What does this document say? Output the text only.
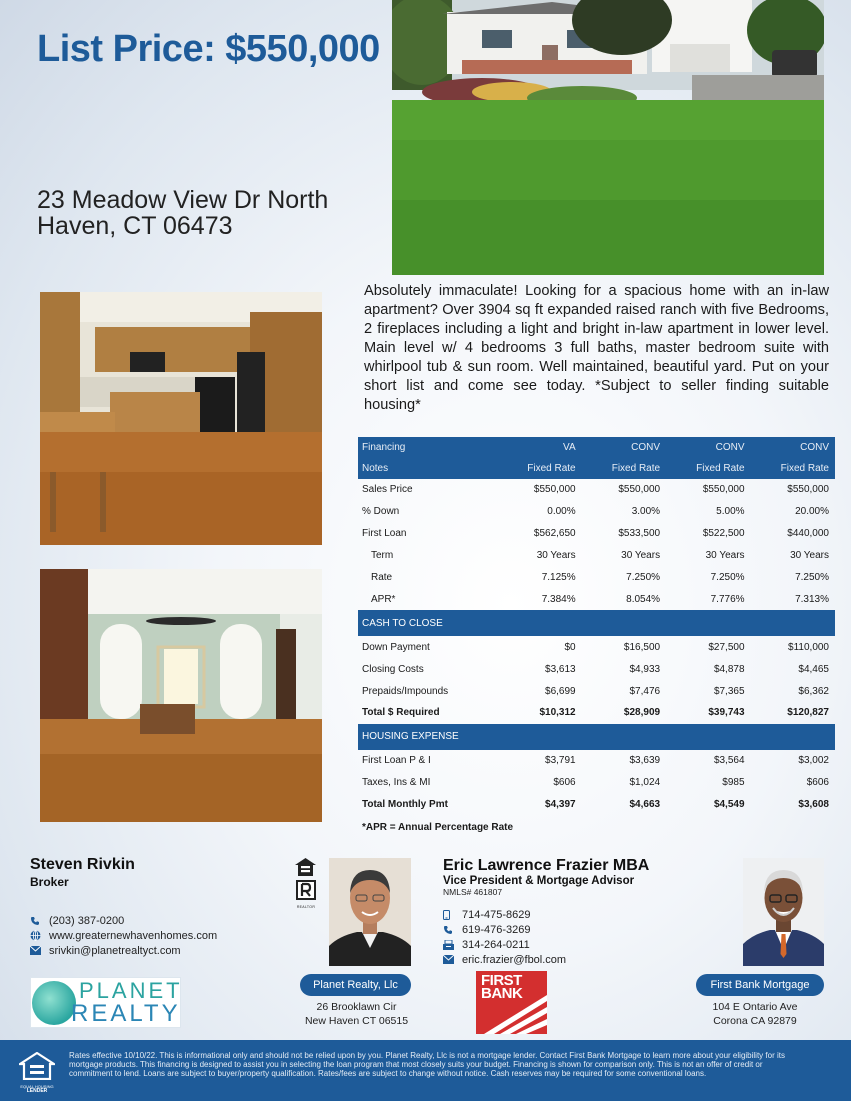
List Price: $550,000
23 Meadow View Dr North
Haven, CT 06473
Absolutely immaculate! Looking for a spacious home with an in-law apartment? Over 3904 sq ft expanded raised ranch with five Bedrooms, 2 fireplaces including a light and bright in-law apartment in lower level. Main level w/ 4 bedrooms 3 full baths, master bedroom suite with whirlpool tub & sun room. Well maintained, beautiful yard. Put on your short list and come see today. *Subject to seller finding suitable housing*
Financing	VA	CONV	CONV	CONV
Notes	Fixed Rate	Fixed Rate	Fixed Rate	Fixed Rate
Sales Price	$550,000	$550,000	$550,000	$550,000
% Down	0.00%	3.00%	5.00%	20.00%
First Loan	$562,650	$533,500	$522,500	$440,000
Term	30 Years	30 Years	30 Years	30 Years
Rate	7.125%	7.250%	7.250%	7.250%
APR*	7.384%	8.054%	7.776%	7.313%
CASH TO CLOSE				
Down Payment	$0	$16,500	$27,500	$110,000
Closing Costs	$3,613	$4,933	$4,878	$4,465
Prepaids/Impounds	$6,699	$7,476	$7,365	$6,362
Total $ Required	$10,312	$28,909	$39,743	$120,827
HOUSING EXPENSE				
First Loan P & I	$3,791	$3,639	$3,564	$3,002
Taxes, Ins & MI	$606	$1,024	$985	$606
Total Monthly Pmt	$4,397	$4,663	$4,549	$3,608
*APR = Annual Percentage Rate				
Steven Rivkin
Broker
(203) 387-0200
www.greaternewhavenhomes.com
srivkin@planetrealtyct.com
PLANET
REALTY
REALTOR
Eric Lawrence Frazier MBA
Vice President & Mortgage Advisor
NMLS# 461807
714-475-8629
619-476-3269
314-264-0211
eric.frazier@fbol.com
Planet Realty, Llc
26 Brooklawn Cir
New Haven CT 06515
FIRST
BANK	First Bank Mortgage
104 E Ontario Ave
Corona CA 92879
EQUAL HOUSING
LENDER
Rates effective 10/10/22. This is informational only and should not be relied upon by you. Planet Realty, Llc is not a mortgage lender. Contact First Bank Mortgage to learn more about your eligibility for its mortgage products. This financing is designed to assist you in selecting the loan program that most closely suits your budget. Financing is shown for comparison only. This is not an offer of credit or commitment to lend. Loans are subject to buyer/property qualification. Rates/fees are subject to change without notice. Cash reserves may be required for some conventional loans.
